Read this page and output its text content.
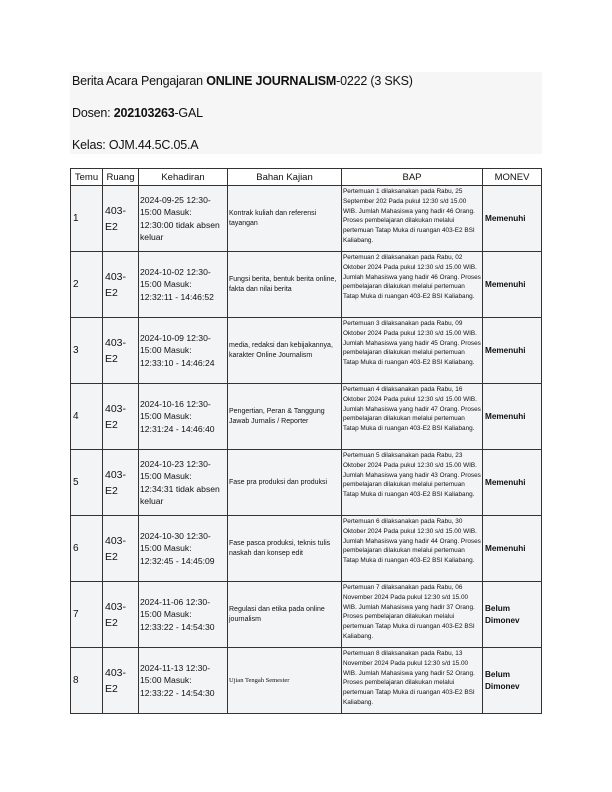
Berita Acara Pengajaran ONLINE JOURNALISM-0222 (3 SKS)
Dosen: 202103263-GAL
Kelas: OJM.44.5C.05.A
Temu	Ruang	Kehadiran	Bahan Kajian	BAP	MONEV
1	403-E2	2024-09-25 12:30-15:00 Masuk: 12:30:00 tidak absen keluar	Kontrak kuliah dan referensi tayangan	Pertemuan 1 dilaksanakan pada Rabu, 25 September 202 Pada pukul 12:30 s/d 15.00 WIB. Jumlah Mahasiswa yang hadir 46 Orang. Proses pembelajaran dilakukan melalui pertemuan Tatap Muka di ruangan 403-E2 BSI Kaliabang.	Memenuhi
2	403-E2	2024-10-02 12:30-15:00 Masuk: 12:32:11 - 14:46:52	Fungsi berita, bentuk berita online, fakta dan nilai berita	Pertemuan 2 dilaksanakan pada Rabu, 02 Oktober 2024 Pada pukul 12:30 s/d 15.00 WIB. Jumlah Mahasiswa yang hadir 46 Orang. Proses pembelajaran dilakukan melalui pertemuan Tatap Muka di ruangan 403-E2 BSI Kaliabang.	Memenuhi
3	403-E2	2024-10-09 12:30-15:00 Masuk: 12:33:10 - 14:46:24	media, redaksi dan kebijakannya, karakter Online Journalism	Pertemuan 3 dilaksanakan pada Rabu, 09 Oktober 2024 Pada pukul 12:30 s/d 15.00 WIB. Jumlah Mahasiswa yang hadir 45 Orang. Proses pembelajaran dilakukan melalui pertemuan Tatap Muka di ruangan 403-E2 BSI Kaliabang.	Memenuhi
4	403-E2	2024-10-16 12:30-15:00 Masuk: 12:31:24 - 14:46:40	Pengertian, Peran & Tanggung Jawab Jurnalis / Reporter	Pertemuan 4 dilaksanakan pada Rabu, 16 Oktober 2024 Pada pukul 12:30 s/d 15.00 WIB. Jumlah Mahasiswa yang hadir 47 Orang. Proses pembelajaran dilakukan melalui pertemuan Tatap Muka di ruangan 403-E2 BSI Kaliabang.	Memenuhi
5	403-E2	2024-10-23 12:30-15:00 Masuk: 12:34:31 tidak absen keluar	Fase pra produksi dan produksi	Pertemuan 5 dilaksanakan pada Rabu, 23 Oktober 2024 Pada pukul 12:30 s/d 15.00 WIB. Jumlah Mahasiswa yang hadir 43 Orang. Proses pembelajaran dilakukan melalui pertemuan Tatap Muka di ruangan 403-E2 BSI Kaliabang.	Memenuhi
6	403-E2	2024-10-30 12:30-15:00 Masuk: 12:32:45 - 14:45:09	Fase pasca produksi, teknis tulis naskah dan konsep edit	Pertemuan 6 dilaksanakan pada Rabu, 30 Oktober 2024 Pada pukul 12:30 s/d 15.00 WIB. Jumlah Mahasiswa yang hadir 44 Orang. Proses pembelajaran dilakukan melalui pertemuan Tatap Muka di ruangan 403-E2 BSI Kaliabang.	Memenuhi
7	403-E2	2024-11-06 12:30-15:00 Masuk: 12:33:22 - 14:54:30	Regulasi dan etika pada online journalism	Pertemuan 7 dilaksanakan pada Rabu, 06 November 2024 Pada pukul 12:30 s/d 15.00 WIB. Jumlah Mahasiswa yang hadir 37 Orang. Proses pembelajaran dilakukan melalui pertemuan Tatap Muka di ruangan 403-E2 BSI Kaliabang.	Belum Dimonev
8	403-E2	2024-11-13 12:30-15:00 Masuk: 12:33:22 - 14:54:30	Ujian Tengah Semester	Pertemuan 8 dilaksanakan pada Rabu, 13 November 2024 Pada pukul 12:30 s/d 15.00 WIB. Jumlah Mahasiswa yang hadir 52 Orang. Proses pembelajaran dilakukan melalui pertemuan Tatap Muka di ruangan 403-E2 BSI Kaliabang.	Belum Dimonev
